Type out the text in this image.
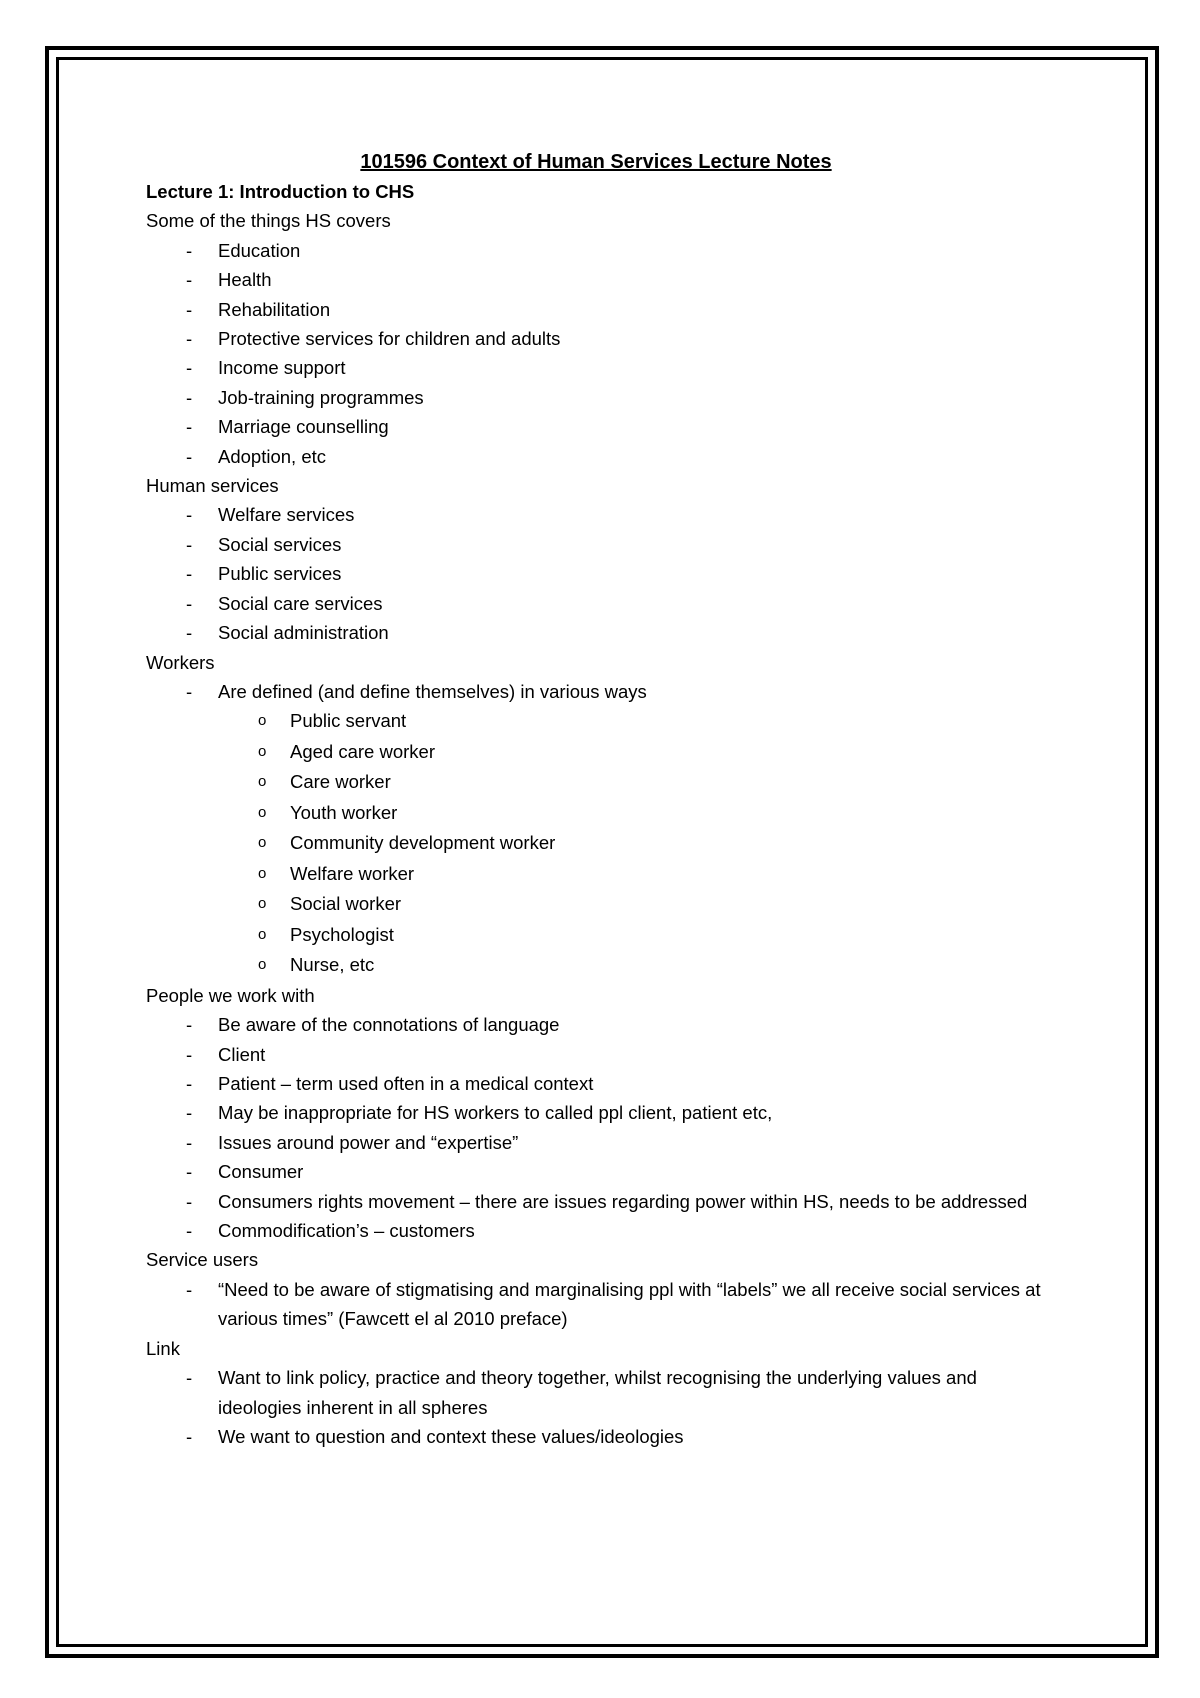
101596 Context of Human Services Lecture Notes
Lecture 1: Introduction to CHS
Some of the things HS covers
- Education
- Health
- Rehabilitation
- Protective services for children and adults
- Income support
- Job-training programmes
- Marriage counselling
- Adoption, etc
Human services
- Welfare services
- Social services
- Public services
- Social care services
- Social administration
Workers
- Are defined (and define themselves) in various ways
o Public servant
o Aged care worker
o Care worker
o Youth worker
o Community development worker
o Welfare worker
o Social worker
o Psychologist
o Nurse, etc
People we work with
- Be aware of the connotations of language
- Client
- Patient – term used often in a medical context
- May be inappropriate for HS workers to called ppl client, patient etc,
- Issues around power and “expertise”
- Consumer
- Consumers rights movement – there are issues regarding power within HS, needs to be addressed
- Commodification’s – customers
Service users
- “Need to be aware of stigmatising and marginalising ppl with “labels” we all receive social services at various times” (Fawcett el al 2010 preface)
Link
- Want to link policy, practice and theory together, whilst recognising the underlying values and ideologies inherent in all spheres
- We want to question and context these values/ideologies
